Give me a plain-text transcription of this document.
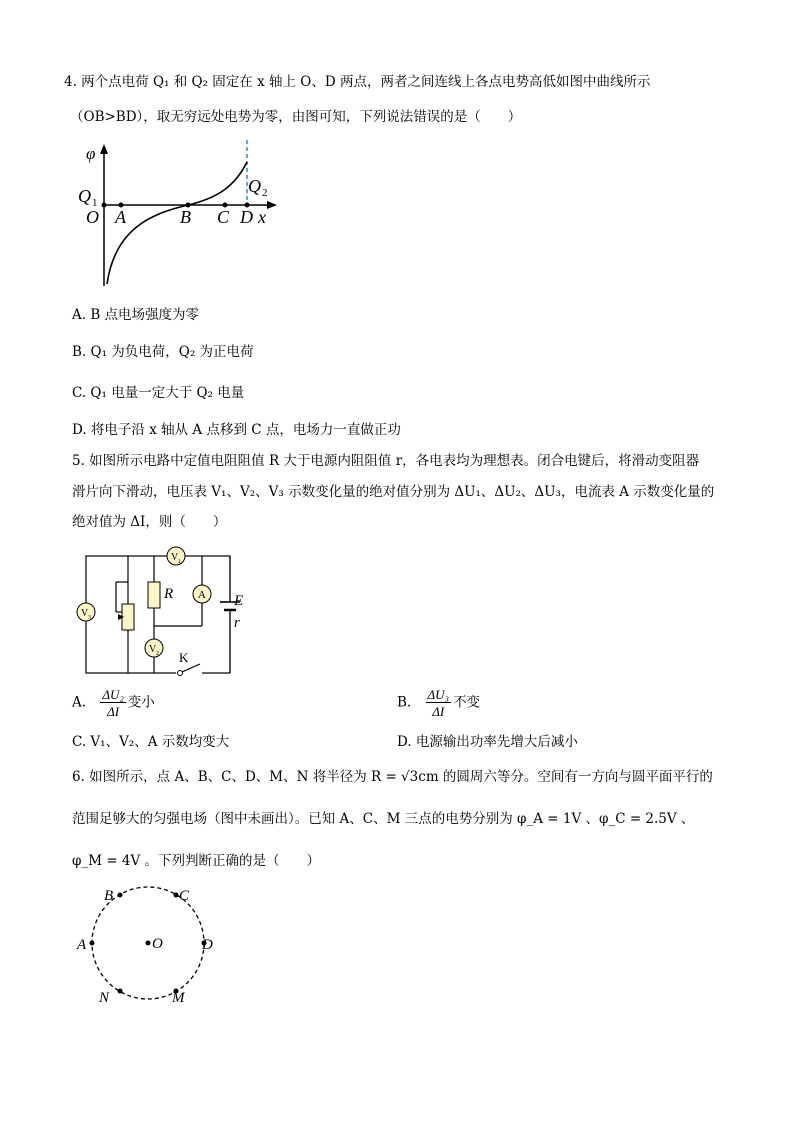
4. 两个点电荷 Q₁ 和 Q₂ 固定在 x 轴上 O、D 两点，两者之间连线上各点电势高低如图中曲线所示
（OB>BD），取无穷远处电势为零，由图可知，下列说法错误的是（　　）
φ
Q 1
Q 2
O A	B C D x
A. B 点电场强度为零
B. Q₁ 为负电荷，Q₂ 为正电荷
C. Q₁ 电量一定大于 Q₂ 电量
D. 将电子沿 x 轴从 A 点移到 C 点，电场力一直做正功
5. 如图所示电路中定值电阻阻值 R 大于电源内阻阻值 r，各电表均为理想表。闭合电键后，将滑动变阻器
滑片向下滑动，电压表 V₁、V₂、V₃ 示数变化量的绝对值分别为 ΔU₁、ΔU₂、ΔU₃，电流表 A 示数变化量的
绝对值为 ΔI，则（　　）
V 1
V 3
V 2
A
R	E
r
K
A. $\frac{\text{ΔU₂}}{\Delta I}$ 变小	B. $\frac{\text{ΔU₃}}{\Delta I}$ 不变
C. V₁、V₂、A 示数均变大	D. 电源输出功率先增大后减小
6. 如图所示，点 A、B、C、D、M、N 将半径为 R = √3cm 的圆周六等分。空间有一方向与圆平面平行的
范围足够大的匀强电场（图中未画出）。已知 A、C、M 三点的电势分别为 φ_A = 1V 、φ_C = 2.5V 、
φ_M = 4V 。下列判断正确的是（　　）
A
B	C
D
M
N
O
